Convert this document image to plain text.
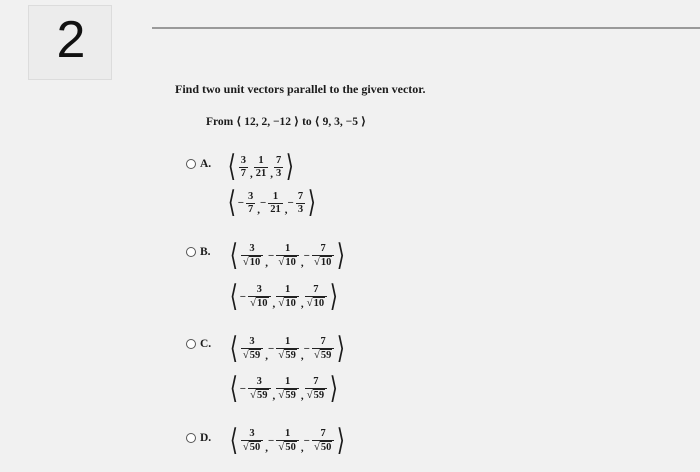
2
Find two unit vectors parallel to the given vector.
From ⟨ 12, 2, −12 ⟩ to ⟨ 9, 3, −5 ⟩
A. ⟨ $\frac{3}{7}$ , $\frac{1}{21}$ , $\frac{7}{3}$ ⟩
⟨ − $\frac{3}{7}$ ,
− $\frac{1}{21}$ ,
− $\frac{7}{3}$ ⟩
B. ⟨ $\frac{3}{√ 10}$ ,
− $\frac{1}{√ 10}$ ,
− $\frac{7}{√ 10}$ ⟩
⟨ − $\frac{3}{√ 10}$ , $\frac{1}{√ 10}$ , $\frac{7}{√ 10}$ ⟩
C. ⟨ $\frac{3}{√ 59}$ ,
− $\frac{1}{√ 59}$ ,
− $\frac{7}{√ 59}$ ⟩
⟨ − $\frac{3}{√ 59}$ , $\frac{1}{√ 59}$ , $\frac{7}{√ 59}$ ⟩
D. ⟨ $\frac{3}{√ 50}$ ,
− $\frac{1}{√ 50}$ ,
− $\frac{7}{√ 50}$ ⟩
